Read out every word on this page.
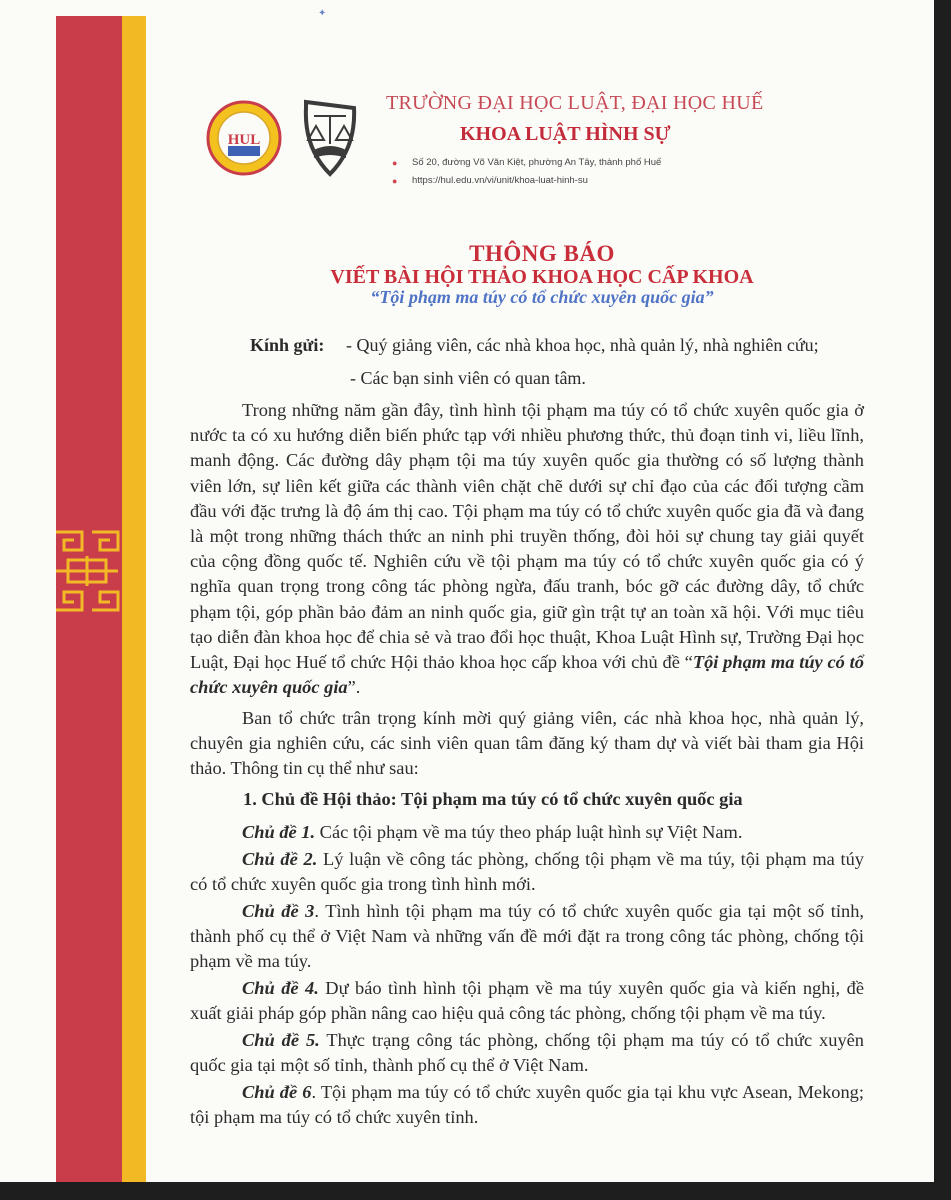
✦
HUL
TRƯỜNG ĐẠI HỌC LUẬT, ĐẠI HỌC HUẾ
KHOA LUẬT HÌNH SỰ
●	Số 20, đường Võ Văn Kiệt, phường An Tây, thành phố Huế
●	https://hul.edu.vn/vi/unit/khoa-luat-hinh-su
THÔNG BÁO
VIẾT BÀI HỘI THẢO KHOA HỌC CẤP KHOA
“Tội phạm ma túy có tổ chức xuyên quốc gia”
Kính gửi: - Quý giảng viên, các nhà khoa học, nhà quản lý, nhà nghiên cứu;
- Các bạn sinh viên có quan tâm.

Trong những năm gần đây, tình hình tội phạm ma túy có tổ chức xuyên quốc gia ở nước ta có xu hướng diễn biến phức tạp với nhiều phương thức, thủ đoạn tinh vi, liều lĩnh, manh động. Các đường dây phạm tội ma túy xuyên quốc gia thường có số lượng thành viên lớn, sự liên kết giữa các thành viên chặt chẽ dưới sự chỉ đạo của các đối tượng cầm đầu với đặc trưng là độ ám thị cao. Tội phạm ma túy có tổ chức xuyên quốc gia đã và đang là một trong những thách thức an ninh phi truyền thống, đòi hỏi sự chung tay giải quyết của cộng đồng quốc tế. Nghiên cứu về tội phạm ma túy có tổ chức xuyên quốc gia có ý nghĩa quan trọng trong công tác phòng ngừa, đấu tranh, bóc gỡ các đường dây, tổ chức phạm tội, góp phần bảo đảm an ninh quốc gia, giữ gìn trật tự an toàn xã hội. Với mục tiêu tạo diễn đàn khoa học để chia sẻ và trao đổi học thuật, Khoa Luật Hình sự, Trường Đại học Luật, Đại học Huế tổ chức Hội thảo khoa học cấp khoa với chủ đề “Tội phạm ma túy có tổ chức xuyên quốc gia”.

Ban tổ chức trân trọng kính mời quý giảng viên, các nhà khoa học, nhà quản lý, chuyên gia nghiên cứu, các sinh viên quan tâm đăng ký tham dự và viết bài tham gia Hội thảo. Thông tin cụ thể như sau:

1. Chủ đề Hội thảo: Tội phạm ma túy có tổ chức xuyên quốc gia

Chủ đề 1. Các tội phạm về ma túy theo pháp luật hình sự Việt Nam.

Chủ đề 2. Lý luận về công tác phòng, chống tội phạm về ma túy, tội phạm ma túy có tổ chức xuyên quốc gia trong tình hình mới.

Chủ đề 3. Tình hình tội phạm ma túy có tổ chức xuyên quốc gia tại một số tỉnh, thành phố cụ thể ở Việt Nam và những vấn đề mới đặt ra trong công tác phòng, chống tội phạm về ma túy.

Chủ đề 4. Dự báo tình hình tội phạm về ma túy xuyên quốc gia và kiến nghị, đề xuất giải pháp góp phần nâng cao hiệu quả công tác phòng, chống tội phạm về ma túy.

Chủ đề 5. Thực trạng công tác phòng, chống tội phạm ma túy có tổ chức xuyên quốc gia tại một số tỉnh, thành phố cụ thể ở Việt Nam.

Chủ đề 6. Tội phạm ma túy có tổ chức xuyên quốc gia tại khu vực Asean, Mekong; tội phạm ma túy có tổ chức xuyên tỉnh.
